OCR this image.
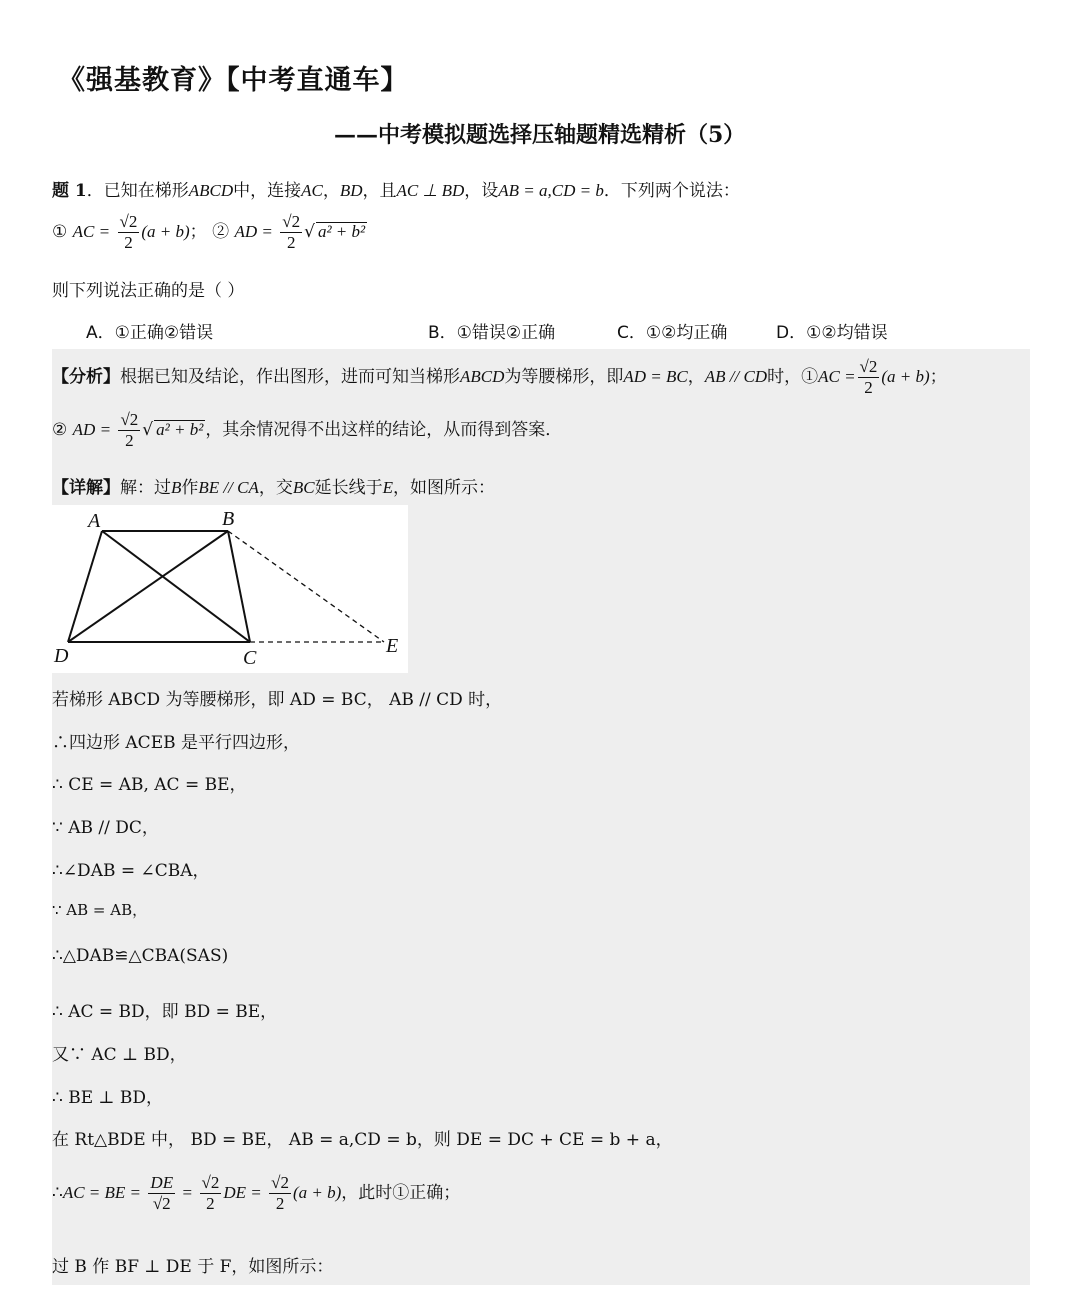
《强基教育》【中考直通车】
——中考模拟题选择压轴题精选精析（5）
题 1．已知在梯形ABCD中，连接AC，BD，且AC ⊥ BD，设AB = a,CD = b．下列两个说法：
① AC = $\frac{√2}{2} (a + b)$； ② AD = $\frac{√2}{2}$ √ a² + b²
则下列说法正确的是（ ）
A．①正确②错误	B．①错误②正确	C．①②均正确	D．①②均错误
【分析】根据已知及结论，作出图形，进而可知当梯形ABCD为等腰梯形，即AD = BC，AB // CD时，①AC = $\frac{√2}{2} (a + b)$；
② AD = $\frac{√2}{2}$ √ a² + b² ，其余情况得不出这样的结论，从而得到答案．
【详解】解：过B作BE // CA，交BC延长线于E，如图所示：
A	B
C
D	E
若梯形 ABCD 为等腰梯形，即 AD = BC， AB // CD 时，
∴四边形 ACEB 是平行四边形，
∴ CE = AB, AC = BE，
∵ AB // DC，
∴∠DAB = ∠CBA，
∵ AB = AB，
∴△DAB≌△CBA(SAS)
∴ AC = BD，即 BD = BE，
又∵ AC ⊥ BD，
∴ BE ⊥ BD，
在 Rt△BDE 中， BD = BE， AB = a,CD = b，则 DE = DC + CE = b + a，
∴AC = BE = $\frac{DE}{√2} = \frac{√2}{2}$ DE = $\frac{√2}{2} (a + b)$，此时①正确；
过 B 作 BF ⊥ DE 于 F，如图所示：
